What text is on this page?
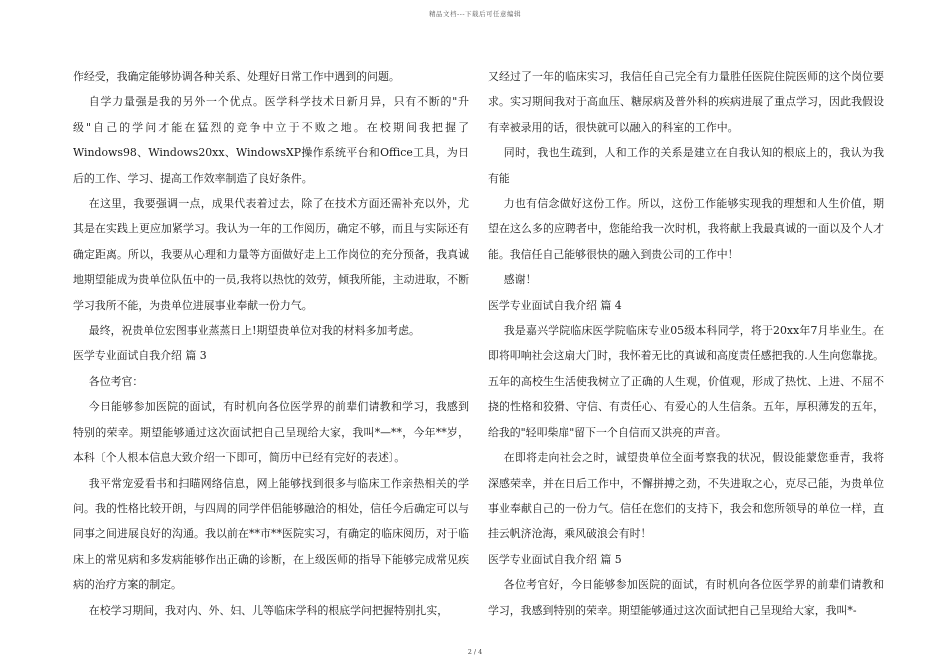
精品文档---下载后可任意编辑

作经受，我确定能够协调各种关系、处理好日常工作中遇到的问题。

自学力量强是我的另外一个优点。医学科学技术日新月异，只有不断的"升级"自己的学问才能在猛烈的竞争中立于不败之地。在校期间我把握了Windows98、Windows20xx、WindowsXP操作系统平台和Office工具，为日后的工作、学习、提高工作效率制造了良好条件。

在这里，我要强调一点，成果代表着过去，除了在技术方面还需补充以外，尤其是在实践上更应加紧学习。我认为一年的工作阅历，确定不够，而且与实际还有确定距离。所以，我要从心理和力量等方面做好走上工作岗位的充分预备，我真诚地期望能成为贵单位队伍中的一员,我将以热忱的效劳，倾我所能，主动进取，不断学习我所不能，为贵单位进展事业奉献一份力气。

最终，祝贵单位宏图事业蒸蒸日上!期望贵单位对我的材料多加考虑。

医学专业面试自我介绍 篇 3

各位考官：

今日能够参加医院的面试，有时机向各位医学界的前辈们请教和学习，我感到特别的荣幸。期望能够通过这次面试把自己呈现给大家，我叫*—**，今年**岁，本科〔个人根本信息大致介绍一下即可，简历中已经有完好的表述〕。

我平常宠爱看书和扫瞄网络信息，网上能够找到很多与临床工作亲热相关的学问。我的性格比较开朗，与四周的同学伴侣能够融洽的相处，信任今后确定可以与同事之间进展良好的沟通。我以前在**市**医院实习，有确定的临床阅历，对于临床上的常见病和多发病能够作出正确的诊断，在上级医师的指导下能够完成常见疾病的治疗方案的制定。

在校学习期间，我对内、外、妇、儿等临床学科的根底学问把握特别扎实，

又经过了一年的临床实习，我信任自己完全有力量胜任医院住院医师的这个岗位要求。实习期间我对于高血压、糖尿病及普外科的疾病进展了重点学习，因此我假设有幸被录用的话，很快就可以融入的科室的工作中。

同时，我也生疏到，人和工作的关系是建立在自我认知的根底上的，我认为我有能

力也有信念做好这份工作。所以，这份工作能够实现我的理想和人生价值，期望在这么多的应聘者中，您能给我一次时机，我将献上我最真诚的一面以及个人才能。我信任自己能够很快的融入到贵公司的工作中！

感谢！

医学专业面试自我介绍 篇 4

我是嘉兴学院临床医学院临床专业05级本科同学，将于20xx年7月毕业生。在即将叩响社会这扇大门时，我怀着无比的真诚和高度责任感把我的.人生向您靠拢。五年的高校生生活使我树立了正确的人生观，价值观，形成了热忱、上进、不屈不挠的性格和狡猾、守信、有责任心、有爱心的人生信条。五年，厚积薄发的五年，给我的"轻叩柴扉"留下一个自信而又洪亮的声音。

在即将走向社会之时，诚望贵单位全面考察我的状况，假设能蒙您垂青，我将深感荣幸，并在日后工作中，不懈拼搏之劲，不失进取之心，克尽己能，为贵单位事业奉献自己的一份力气。信任在您们的支持下，我会和您所领导的单位一样，直挂云帆济沧海，乘风破浪会有时！

医学专业面试自我介绍 篇 5

各位考官好，今日能够参加医院的面试，有时机向各位医学界的前辈们请教和学习，我感到特别的荣幸。期望能够通过这次面试把自己呈现给大家，我叫*-

2 / 4
